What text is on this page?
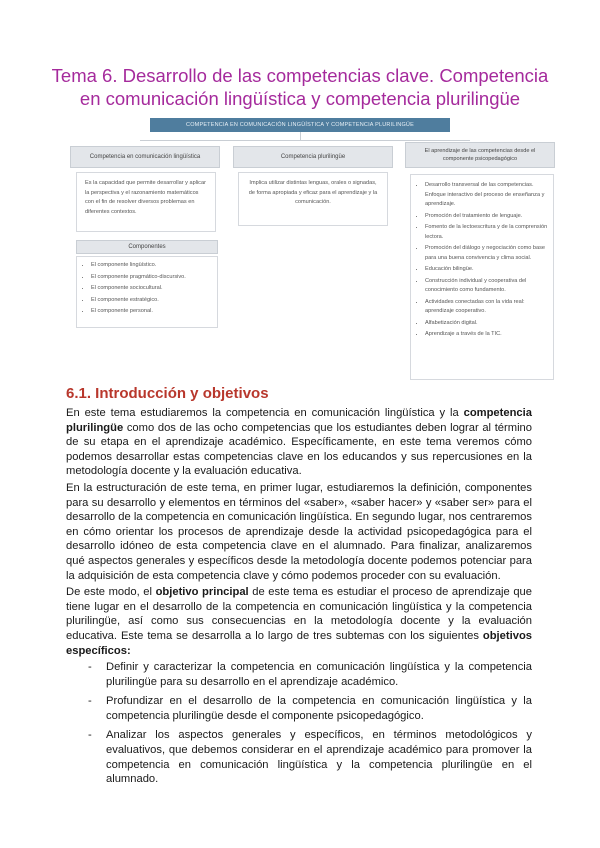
Tema 6. Desarrollo de las competencias clave. Competencia
en comunicación lingüística y competencia plurilingüe
COMPETENCIA EN COMUNICACIÓN LINGÜÍSTICA Y COMPETENCIA PLURILINGÜE
Competencia en comunicación lingüística
Es la capacidad que permite desarrollar y aplicar la perspectiva y el razonamiento matemáticos con el fin de resolver diversos problemas en diferentes contextos.
Componentes
• El componente lingüístico.
• El componente pragmático-discursivo.
• El componente sociocultural.
• El componente estratégico.
• El componente personal.
Competencia plurilingüe
Implica utilizar distintas lenguas, orales o signadas, de forma apropiada y eficaz para el aprendizaje y la comunicación.
El aprendizaje de las competencias desde el componente psicopedagógico
• Desarrollo transversal de las competencias. Enfoque interactivo del proceso de enseñanza y aprendizaje.
• Promoción del tratamiento de lenguaje.
• Fomento de la lectoescritura y de la comprensión lectora.
• Promoción del diálogo y negociación como base para una buena convivencia y clima social.
• Educación bilingüe.
• Construcción individual y cooperativa del conocimiento como fundamento.
• Actividades conectadas con la vida real: aprendizaje cooperativo.
• Alfabetización digital.
• Aprendizaje a través de la TIC.
6.1. Introducción y objetivos

En este tema estudiaremos la competencia en comunicación lingüística y la competencia plurilingüe como dos de las ocho competencias que los estudiantes deben lograr al término de su etapa en el aprendizaje académico. Específicamente, en este tema veremos cómo podemos desarrollar estas competencias clave en los educandos y sus repercusiones en la metodología docente y la evaluación educativa.

En la estructuración de este tema, en primer lugar, estudiaremos la definición, componentes para su desarrollo y elementos en términos del «saber», «saber hacer» y «saber ser» para el desarrollo de la competencia en comunicación lingüística. En segundo lugar, nos centraremos en cómo orientar los procesos de aprendizaje desde la actividad psicopedagógica para el desarrollo idóneo de esta competencia clave en el alumnado. Para finalizar, analizaremos qué aspectos generales y específicos desde la metodología docente podemos potenciar para la adquisición de esta competencia clave y cómo podemos proceder con su evaluación.

De este modo, el objetivo principal de este tema es estudiar el proceso de aprendizaje que tiene lugar en el desarrollo de la competencia en comunicación lingüística y la competencia plurilingüe, así como sus consecuencias en la metodología docente y la evaluación educativa. Este tema se desarrolla a lo largo de tres subtemas con los siguientes objetivos específicos:

- Definir y caracterizar la competencia en comunicación lingüística y la competencia plurilingüe para su desarrollo en el aprendizaje académico.
- Profundizar en el desarrollo de la competencia en comunicación lingüística y la competencia plurilingüe desde el componente psicopedagógico.
- Analizar los aspectos generales y específicos, en términos metodológicos y evaluativos, que debemos considerar en el aprendizaje académico para promover la competencia en comunicación lingüística y la competencia plurilingüe en el alumnado.
